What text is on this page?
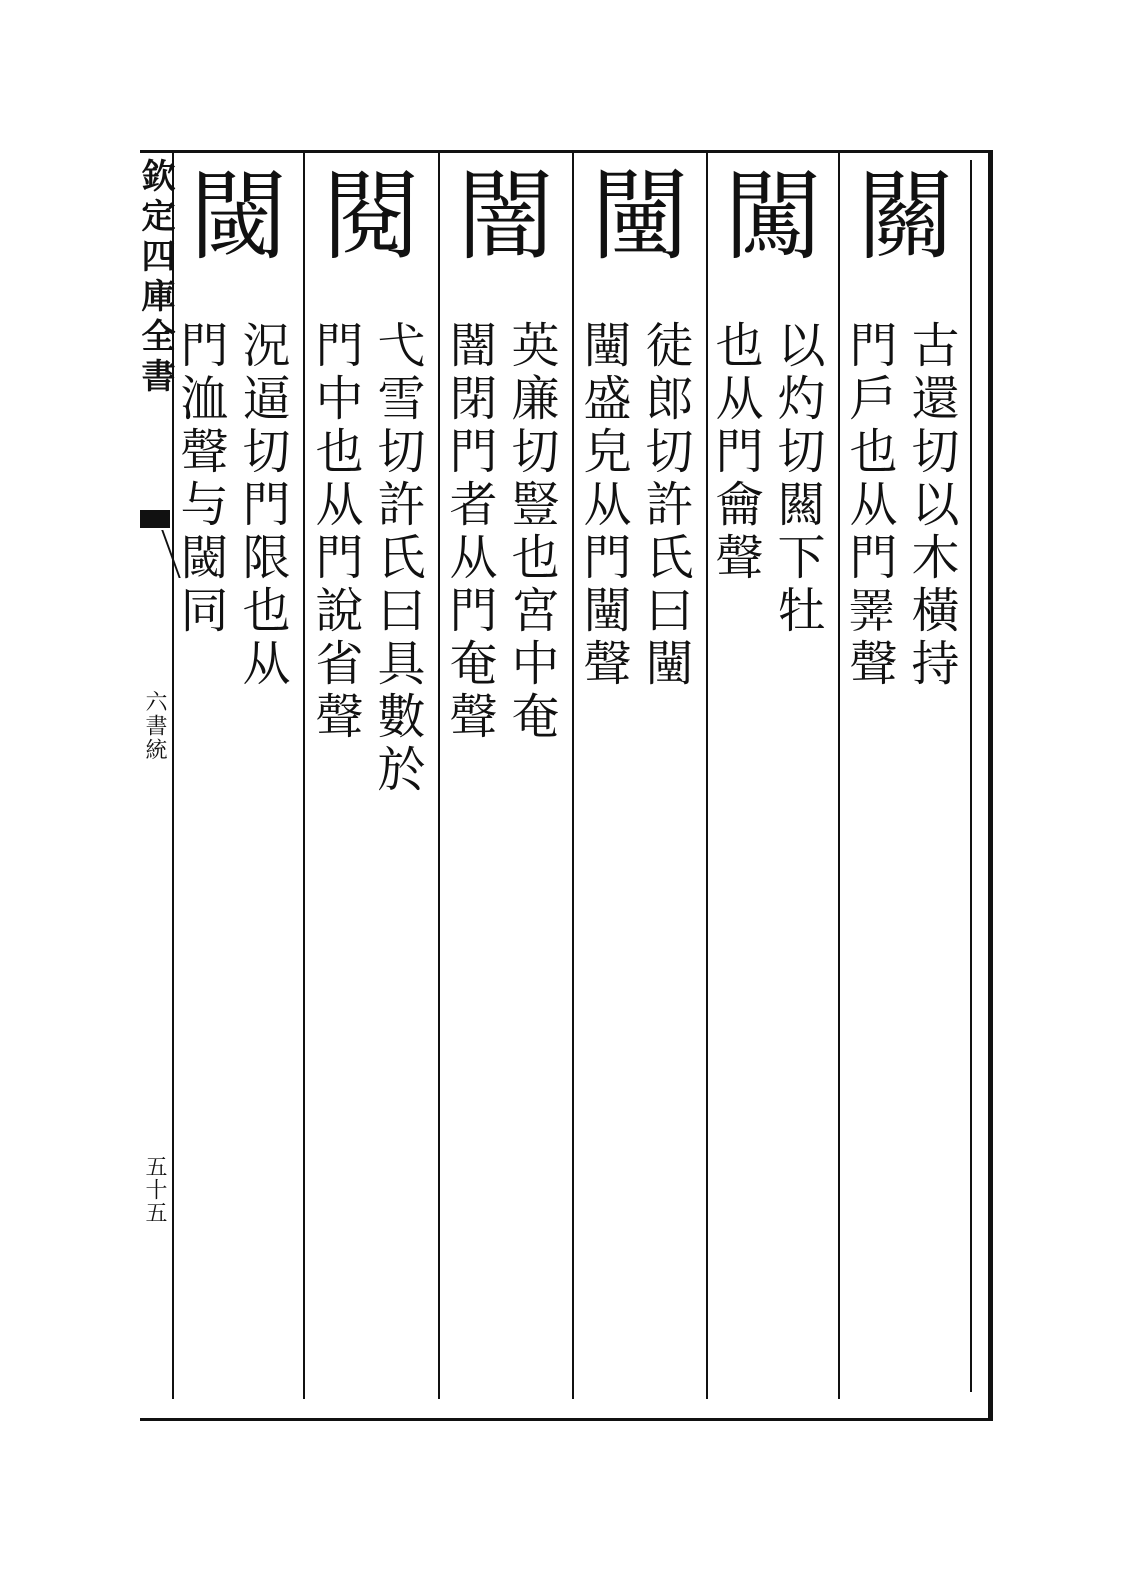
欽定四庫全書
六書統
五十五
關
古還切以木橫持
門戶也从門𢍰聲
闖
以灼切闗下牡
也从門龠聲
闉
徒郎切許氏曰闉
闉盛皃从門闉聲
闇
英廉切豎也宮中奄
闇閉門者从門奄聲
閱
弋雪切許氏曰具數於
門中也从門說省聲
閾
況逼切門限也从
門洫聲与閾同
